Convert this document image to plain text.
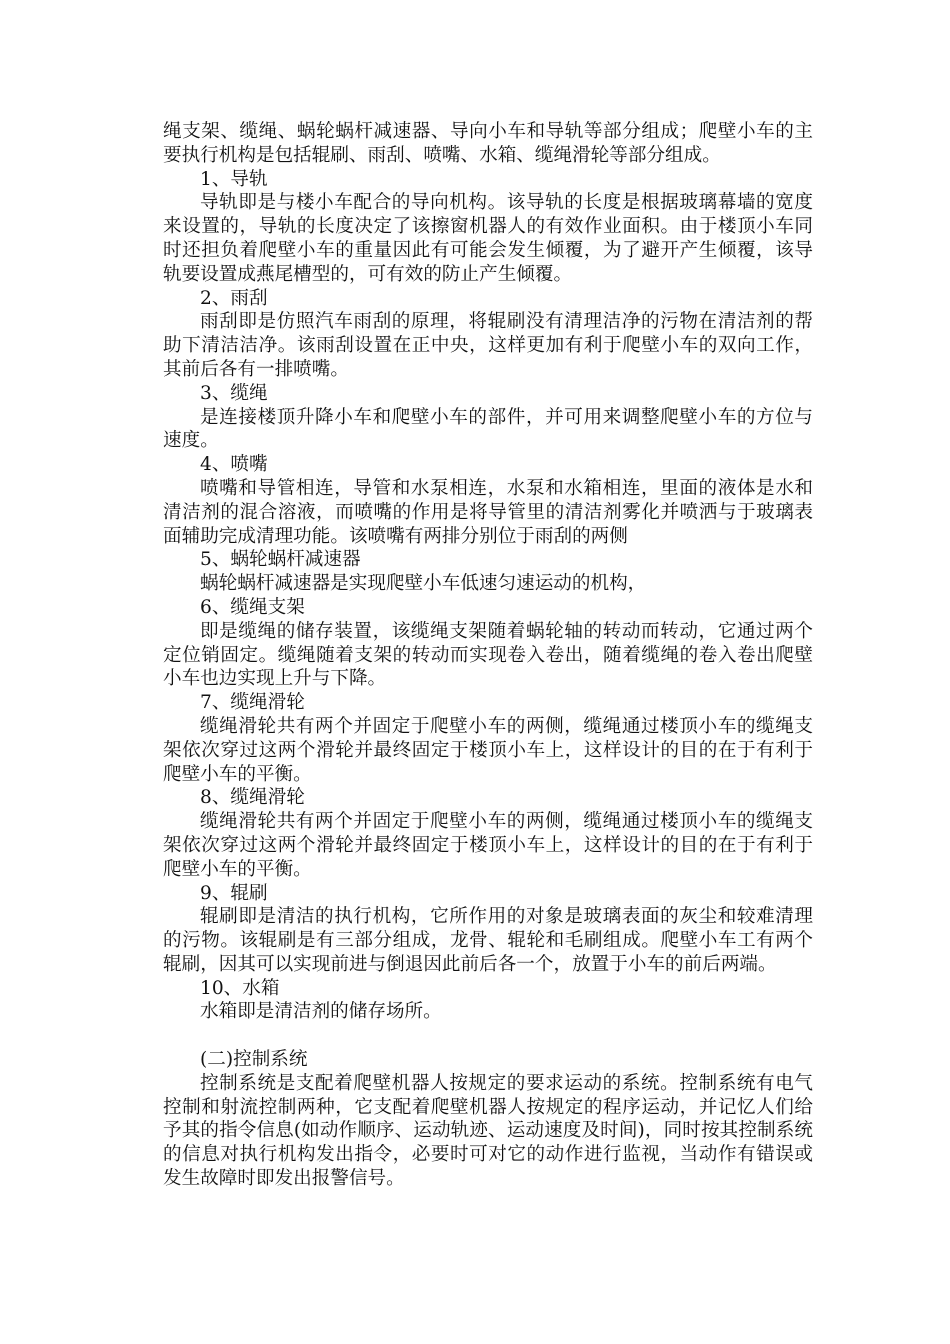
绳支架、缆绳、蜗轮蜗杆减速器、导向小车和导轨等部分组成；爬壁小车的主要执行机构是包括辊刷、雨刮、喷嘴、水箱、缆绳滑轮等部分组成。

1、导轨

导轨即是与楼小车配合的导向机构。该导轨的长度是根据玻璃幕墙的宽度来设置的，导轨的长度决定了该擦窗机器人的有效作业面积。由于楼顶小车同时还担负着爬壁小车的重量因此有可能会发生倾覆，为了避开产生倾覆，该导轨要设置成燕尾槽型的，可有效的防止产生倾覆。

2、雨刮

雨刮即是仿照汽车雨刮的原理，将辊刷没有清理洁净的污物在清洁剂的帮助下清洁洁净。该雨刮设置在正中央，这样更加有利于爬壁小车的双向工作，其前后各有一排喷嘴。

3、缆绳

是连接楼顶升降小车和爬壁小车的部件，并可用来调整爬壁小车的方位与速度。

4、喷嘴

喷嘴和导管相连，导管和水泵相连，水泵和水箱相连，里面的液体是水和清洁剂的混合溶液，而喷嘴的作用是将导管里的清洁剂雾化并喷洒与于玻璃表面辅助完成清理功能。该喷嘴有两排分别位于雨刮的两侧

5、蜗轮蜗杆减速器

蜗轮蜗杆减速器是实现爬壁小车低速匀速运动的机构，

6、缆绳支架

即是缆绳的储存装置，该缆绳支架随着蜗轮轴的转动而转动，它通过两个定位销固定。缆绳随着支架的转动而实现卷入卷出，随着缆绳的卷入卷出爬壁小车也边实现上升与下降。

7、缆绳滑轮

缆绳滑轮共有两个并固定于爬壁小车的两侧，缆绳通过楼顶小车的缆绳支架依次穿过这两个滑轮并最终固定于楼顶小车上，这样设计的目的在于有利于爬壁小车的平衡。

8、缆绳滑轮

缆绳滑轮共有两个并固定于爬壁小车的两侧，缆绳通过楼顶小车的缆绳支架依次穿过这两个滑轮并最终固定于楼顶小车上，这样设计的目的在于有利于爬壁小车的平衡。

9、辊刷

辊刷即是清洁的执行机构，它所作用的对象是玻璃表面的灰尘和较难清理的污物。该辊刷是有三部分组成，龙骨、辊轮和毛刷组成。爬壁小车工有两个辊刷，因其可以实现前进与倒退因此前后各一个，放置于小车的前后两端。

10、水箱

水箱即是清洁剂的储存场所。

(二)控制系统

控制系统是支配着爬壁机器人按规定的要求运动的系统。控制系统有电气控制和射流控制两种，它支配着爬壁机器人按规定的程序运动，并记忆人们给予其的指令信息(如动作顺序、运动轨迹、运动速度及时间)，同时按其控制系统的信息对执行机构发出指令，必要时可对它的动作进行监视，当动作有错误或发生故障时即发出报警信号。
